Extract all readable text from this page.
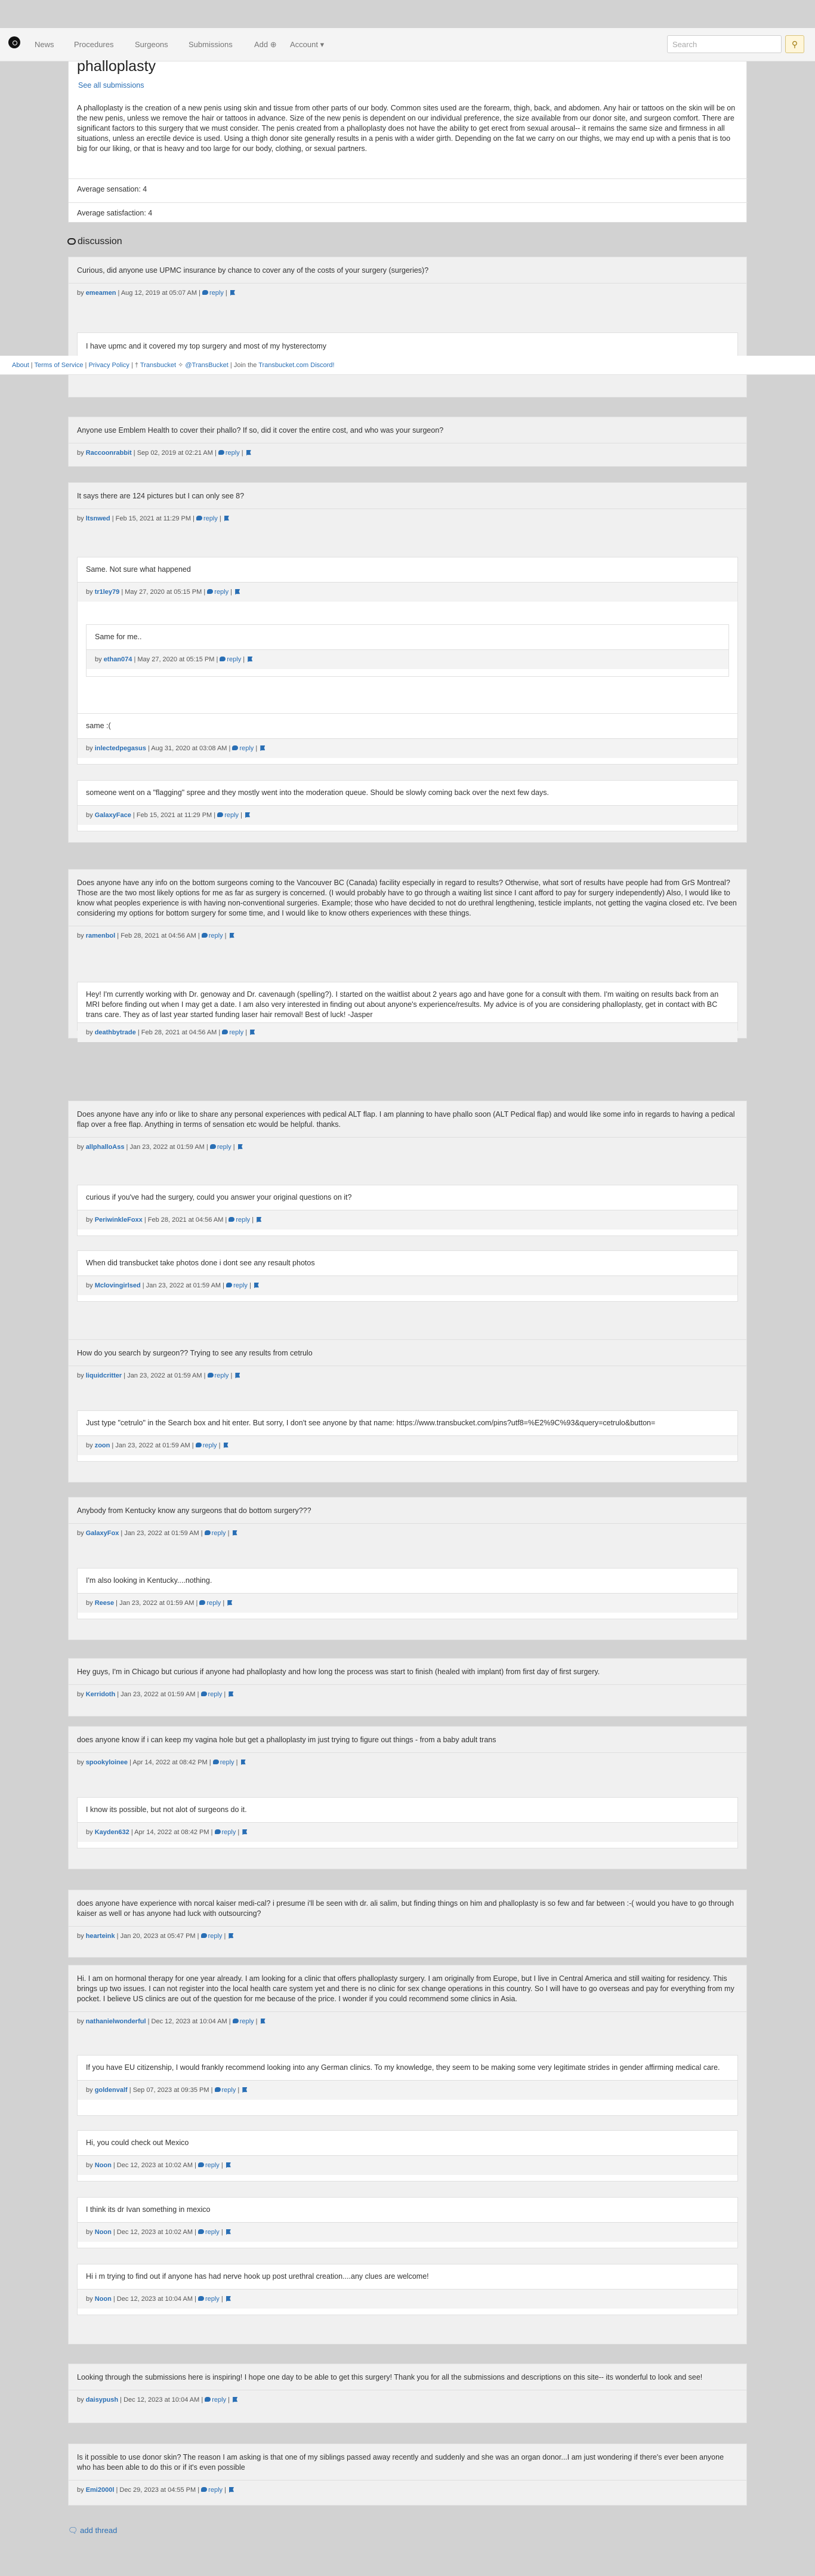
News	Procedures	Surgeons	Submissions	Add ⊕ Account ▾
Search	⚲
phalloplasty
See all submissions
A phalloplasty is the creation of a new penis using skin and tissue from other parts of our body. Common sites used are the forearm, thigh, back, and abdomen. Any hair or tattoos on the skin will be on the new penis, unless we remove the hair or tattoos in advance. Size of the new penis is dependent on our individual preference, the size available from our donor site, and surgeon comfort. There are significant factors to this surgery that we must consider. The penis created from a phalloplasty does not have the ability to get erect from sexual arousal-- it remains the same size and firmness in all situations, unless an erectile device is used. Using a thigh donor site generally results in a penis with a wider girth. Depending on the fat we carry on our thighs, we may end up with a penis that is too big for our liking, or that is heavy and too large for our body, clothing, or sexual partners.
Average sensation: 4
Average satisfaction: 4
discussion
Curious, did anyone use UPMC insurance by chance to cover any of the costs of your surgery (surgeries)?
by emeamen | Aug 12, 2019 at 05:07 AM | reply |
I have upmc and it covered my top surgery and most of my hysterectomy
About | Terms of Service | Privacy Policy | † Transbucket ✧ @TransBucket | Join the Transbucket.com Discord!
Anyone use Emblem Health to cover their phallo? If so, did it cover the entire cost, and who was your surgeon?
by Raccoonrabbit | Sep 02, 2019 at 02:21 AM | reply |
It says there are 124 pictures but I can only see 8?
by ltsnwed | Feb 15, 2021 at 11:29 PM | reply |
Same. Not sure what happened
by tr1ley79 | May 27, 2020 at 05:15 PM | reply |
Same for me..
by ethan074 | May 27, 2020 at 05:15 PM | reply |
same :(
by inlectedpegasus | Aug 31, 2020 at 03:08 AM | reply |
someone went on a "flagging" spree and they mostly went into the moderation queue. Should be slowly coming back over the next few days.
by GalaxyFace | Feb 15, 2021 at 11:29 PM | reply |
Does anyone have any info on the bottom surgeons coming to the Vancouver BC (Canada) facility especially in regard to results? Otherwise, what sort of results have people had from GrS Montreal? Those are the two most likely options for me as far as surgery is concerned. (I would probably have to go through a waiting list since I cant afford to pay for surgery independently) Also, I would like to know what peoples experience is with having non-conventional surgeries. Example; those who have decided to not do urethral lengthening, testicle implants, not getting the vagina closed etc. I've been considering my options for bottom surgery for some time, and I would like to know others experiences with these things.
by ramenbol | Feb 28, 2021 at 04:56 AM | reply |
Hey! I'm currently working with Dr. genoway and Dr. cavenaugh (spelling?). I started on the waitlist about 2 years ago and have gone for a consult with them. I'm waiting on results back from an MRI before finding out when I may get a date. I am also very interested in finding out about anyone's experience/results. My advice is of you are considering phalloplasty, get in contact with BC trans care. They as of last year started funding laser hair removal! Best of luck! -Jasper
by deathbytrade | Feb 28, 2021 at 04:56 AM | reply |
Does anyone have any info or like to share any personal experiences with pedical ALT flap. I am planning to have phallo soon (ALT Pedical flap) and would like some info in regards to having a pedical flap over a free flap. Anything in terms of sensation etc would be helpful. thanks.
by allphalloAss | Jan 23, 2022 at 01:59 AM | reply |
curious if you've had the surgery, could you answer your original questions on it?
by PeriwinkleFoxx | Feb 28, 2021 at 04:56 AM | reply |
When did transbucket take photos done i dont see any resault photos
by Mclovingirlsed | Jan 23, 2022 at 01:59 AM | reply |
How do you search by surgeon?? Trying to see any results from cetrulo
by liquidcritter | Jan 23, 2022 at 01:59 AM | reply |
Just type "cetrulo" in the Search box and hit enter. But sorry, I don't see anyone by that name: https://www.transbucket.com/pins?utf8=%E2%9C%93&query=cetrulo&button=
by zoon | Jan 23, 2022 at 01:59 AM | reply |
Anybody from Kentucky know any surgeons that do bottom surgery???
by GalaxyFox | Jan 23, 2022 at 01:59 AM | reply |
I'm also looking in Kentucky....nothing.
by Reese | Jan 23, 2022 at 01:59 AM | reply |
Hey guys, I'm in Chicago but curious if anyone had phalloplasty and how long the process was start to finish (healed with implant) from first day of first surgery.
by Kerridoth | Jan 23, 2022 at 01:59 AM | reply |
does anyone know if i can keep my vagina hole but get a phalloplasty im just trying to figure out things - from a baby adult trans
by spookyloinee | Apr 14, 2022 at 08:42 PM | reply |
I know its possible, but not alot of surgeons do it.
by Kayden632 | Apr 14, 2022 at 08:42 PM | reply |
does anyone have experience with norcal kaiser medi-cal? i presume i'll be seen with dr. ali salim, but finding things on him and phalloplasty is so few and far between :-( would you have to go through kaiser as well or has anyone had luck with outsourcing?
by hearteink | Jan 20, 2023 at 05:47 PM | reply |
Hi. I am on hormonal therapy for one year already. I am looking for a clinic that offers phalloplasty surgery. I am originally from Europe, but I live in Central America and still waiting for residency. This brings up two issues. I can not register into the local health care system yet and there is no clinic for sex change operations in this country. So I will have to go overseas and pay for everything from my pocket. I believe US clinics are out of the question for me because of the price. I wonder if you could recommend some clinics in Asia.
by nathanielwonderful | Dec 12, 2023 at 10:04 AM | reply |
If you have EU citizenship, I would frankly recommend looking into any German clinics. To my knowledge, they seem to be making some very legitimate strides in gender affirming medical care.
by goldenvalf | Sep 07, 2023 at 09:35 PM | reply |
Hi, you could check out Mexico
by Noon | Dec 12, 2023 at 10:02 AM | reply |
I think its dr Ivan something in mexico
by Noon | Dec 12, 2023 at 10:02 AM | reply |
Hi i m trying to find out if anyone has had nerve hook up post urethral creation....any clues are welcome!
by Noon | Dec 12, 2023 at 10:04 AM | reply |
Looking through the submissions here is inspiring! I hope one day to be able to get this surgery! Thank you for all the submissions and descriptions on this site-- its wonderful to look and see!
by daisypush | Dec 12, 2023 at 10:04 AM | reply |
Is it possible to use donor skin? The reason I am asking is that one of my siblings passed away recently and suddenly and she was an organ donor...I am just wondering if there's ever been anyone who has been able to do this or if it's even possible
by Emi2000l | Dec 29, 2023 at 04:55 PM | reply |
🗨 add thread
